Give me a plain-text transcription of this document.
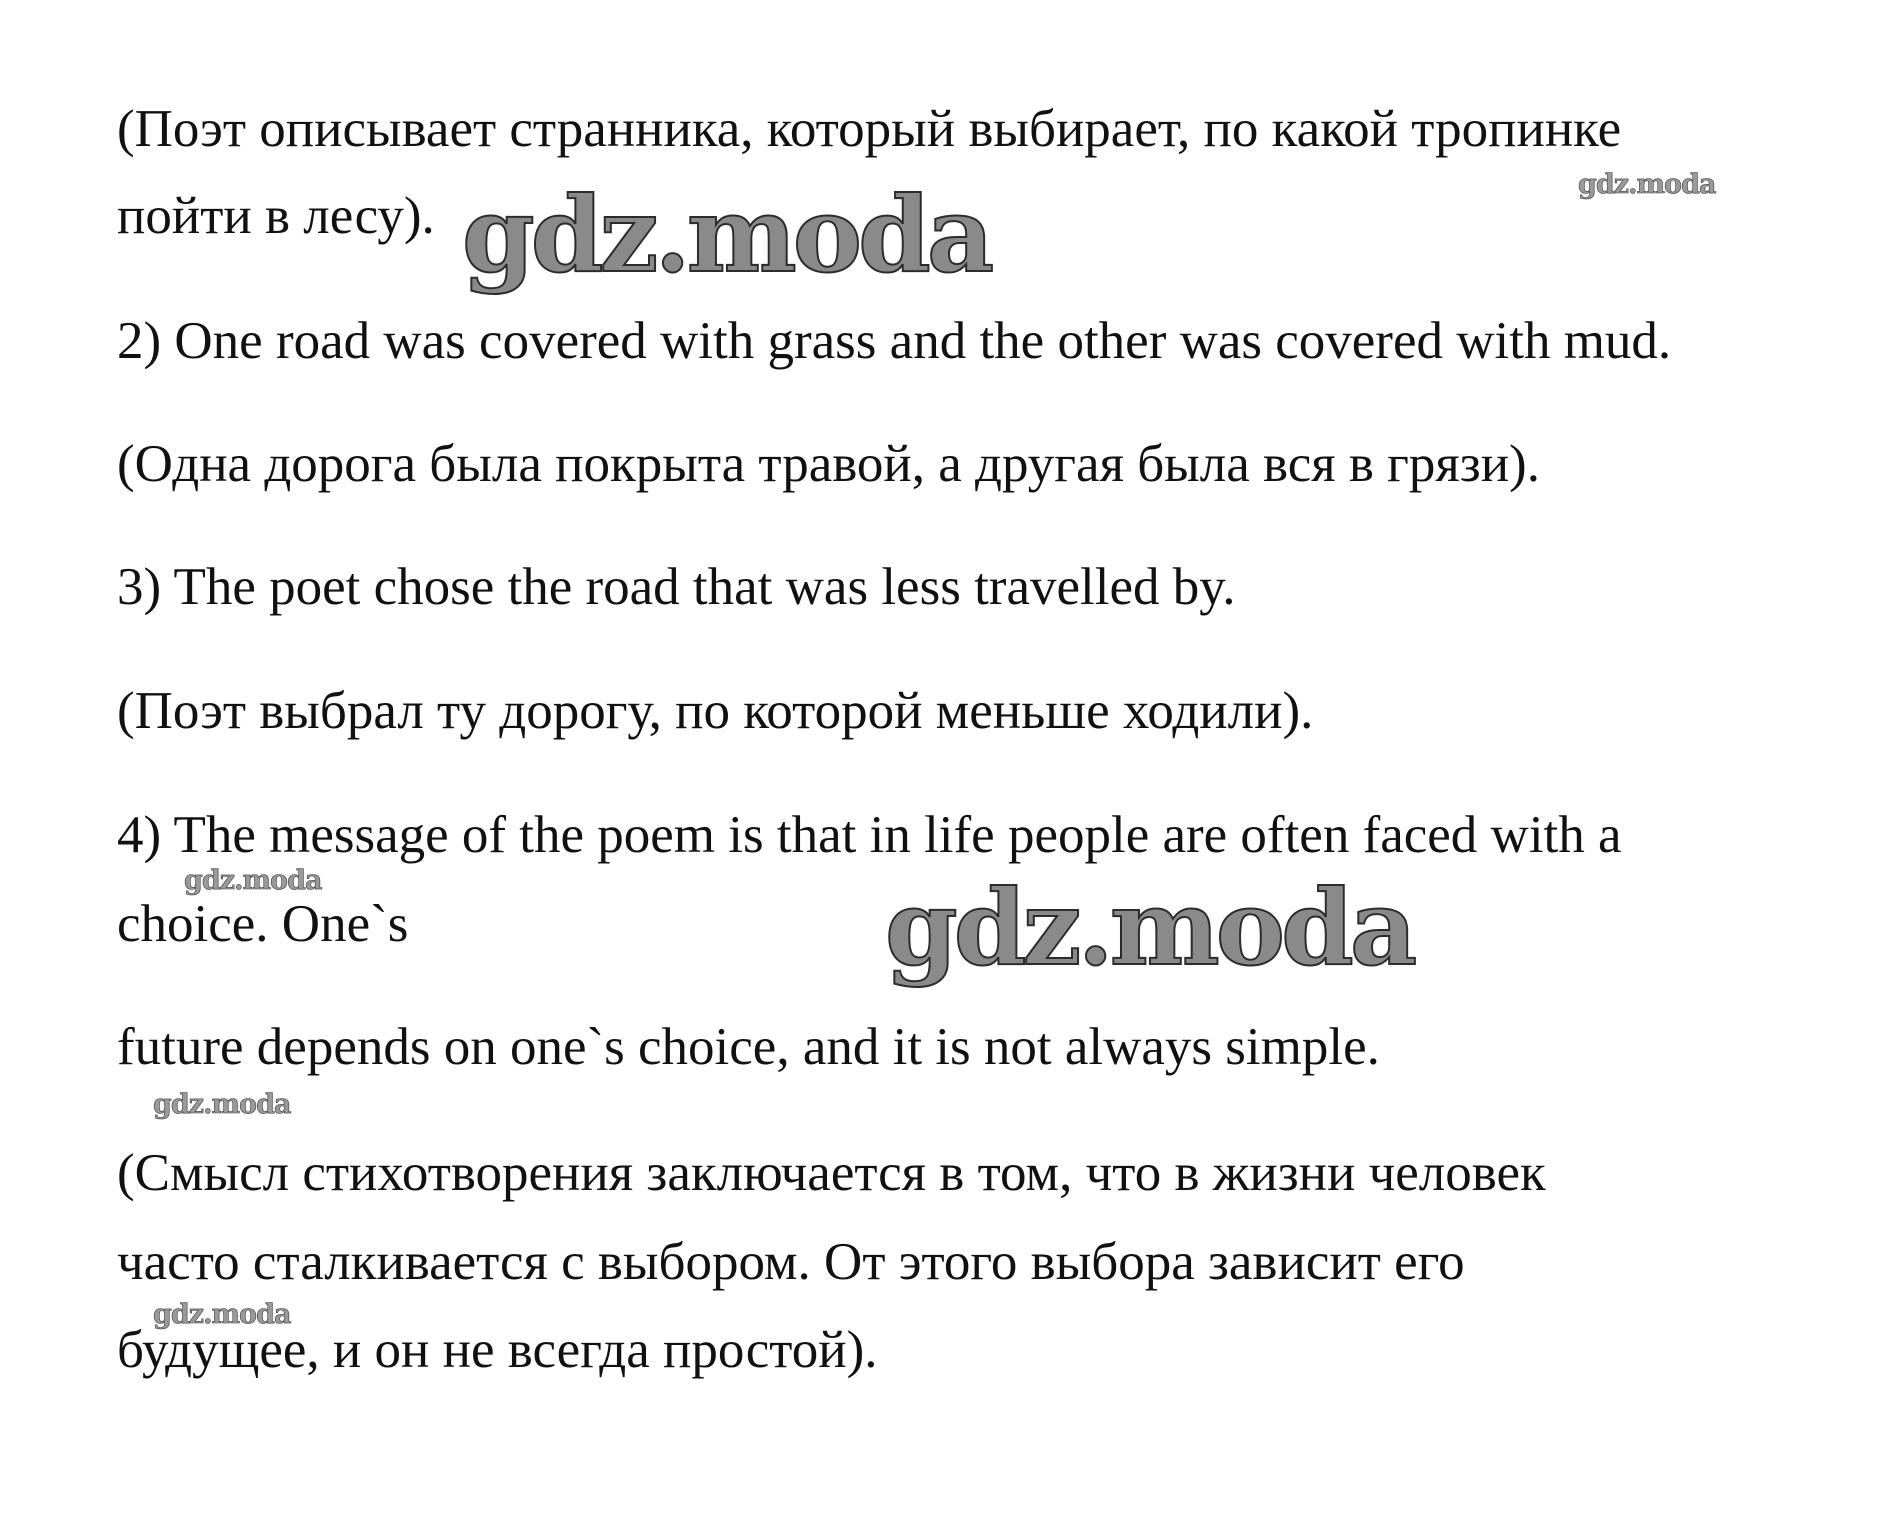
(Поэт описывает странника, который выбирает, по какой тропинке
пойти в лесу).
2) One road was covered with grass and the other was covered with mud.
(Одна дорога была покрыта травой, а другая была вся в грязи).
3) The poet chose the road that was less travelled by.
(Поэт выбрал ту дорогу, по которой меньше ходили).
4) The message of the poem is that in life people are often faced with a
choice. One`s
future depends on one`s choice, and it is not always simple.
(Смысл стихотворения заключается в том, что в жизни человек
часто сталкивается с выбором. От этого выбора зависит его
будущее, и он не всегда простой).
gdz.moda
gdz.moda
gdz.moda
gdz.moda
gdz.moda
gdz.moda
